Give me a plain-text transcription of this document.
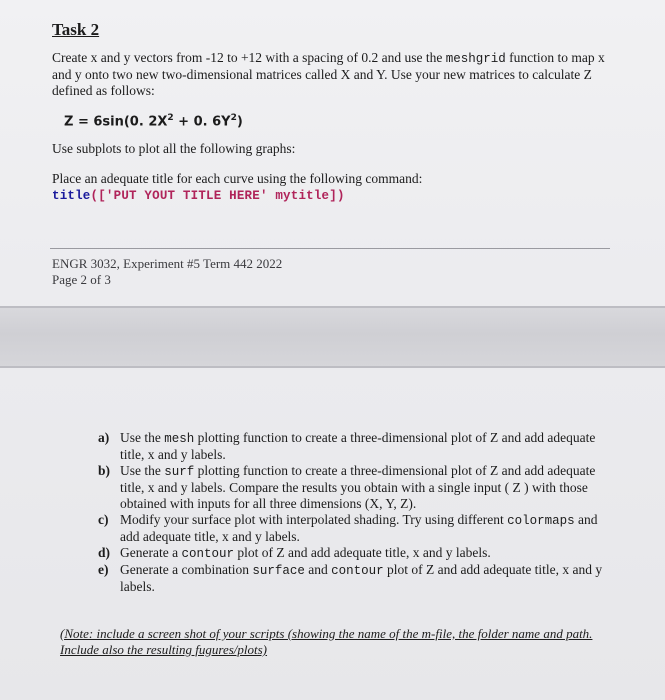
Task 2

Create x and y vectors from -12 to +12 with a spacing of 0.2 and use the meshgrid function to map x and y onto two new two-dimensional matrices called X and Y. Use your new matrices to calculate Z defined as follows:

Z = 6sin(0. $2X^2 + 0$. $6Y^2$)

Use subplots to plot all the following graphs:

Place an adequate title for each curve using the following command:

title(['PUT YOUT TITLE HERE' mytitle])
ENGR 3032, Experiment #5 Term 442 2022
Page 2 of 3
a) Use the mesh plotting function to create a three-dimensional plot of Z and add adequate title, x and y labels.
b) Use the surf plotting function to create a three-dimensional plot of Z and add adequate title, x and y labels. Compare the results you obtain with a single input ( Z ) with those obtained with inputs for all three dimensions (X, Y, Z).
c) Modify your surface plot with interpolated shading. Try using different colormaps and add adequate title, x and y labels.
d) Generate a contour plot of Z and add adequate title, x and y labels.
e) Generate a combination surface and contour plot of Z and add adequate title, x and y labels.
(Note: include a screen shot of your scripts (showing the name of the m-file, the folder name and path. Include also the resulting fugures/plots)
